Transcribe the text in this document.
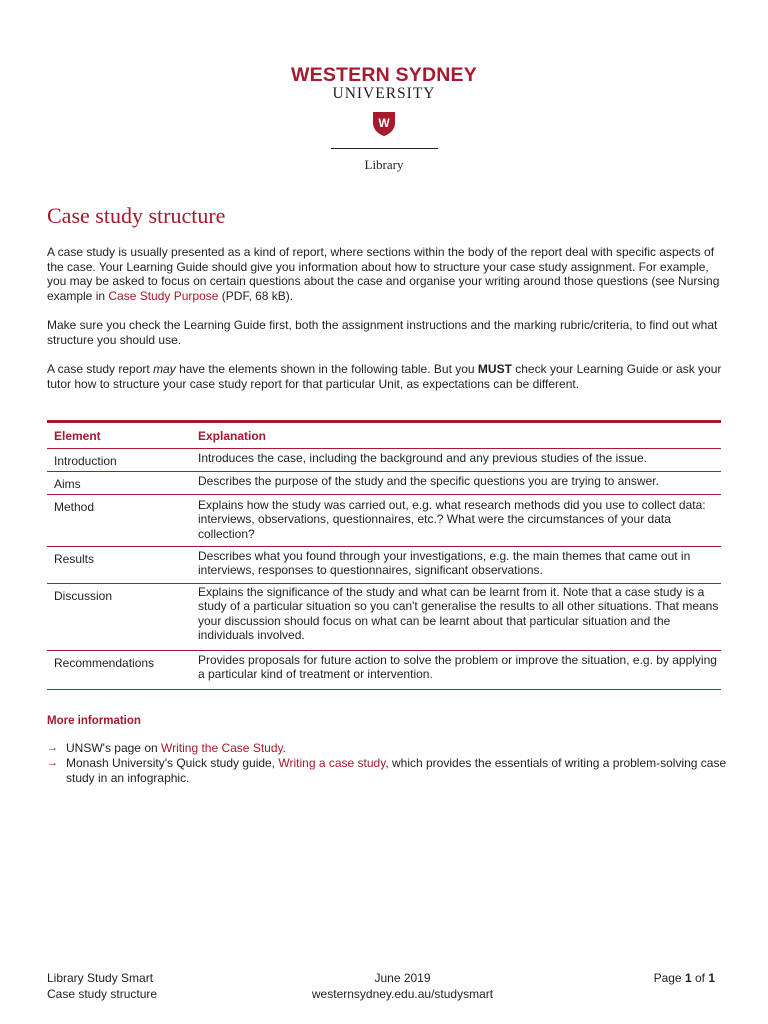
WESTERN SYDNEY
UNIVERSITY
W
Library
Case study structure

A case study is usually presented as a kind of report, where sections within the body of the report deal with specific aspects of the case. Your Learning Guide should give you information about how to structure your case study assignment. For example, you may be asked to focus on certain questions about the case and organise your writing around those questions (see Nursing example in Case Study Purpose (PDF, 68 kB).

Make sure you check the Learning Guide first, both the assignment instructions and the marking rubric/criteria, to find out what structure you should use.

A case study report may have the elements shown in the following table. But you MUST check your Learning Guide or ask your tutor how to structure your case study report for that particular Unit, as expectations can be different.

Element	Explanation
Introduction	Introduces the case, including the background and any previous studies of the issue.
Aims	Describes the purpose of the study and the specific questions you are trying to answer.
Method	Explains how the study was carried out, e.g. what research methods did you use to collect data: interviews, observations, questionnaires, etc.? What were the circumstances of your data collection?
Results	Describes what you found through your investigations, e.g. the main themes that came out in interviews, responses to questionnaires, significant observations.
Discussion	Explains the significance of the study and what can be learnt from it. Note that a case study is a study of a particular situation so you can't generalise the results to all other situations. That means your discussion should focus on what can be learnt about that particular situation and the individuals involved.
Recommendations	Provides proposals for future action to solve the problem or improve the situation, e.g. by applying a particular kind of treatment or intervention.

More information

→ UNSW's page on Writing the Case Study.
→ Monash University's Quick study guide, Writing a case study, which provides the essentials of writing a problem-solving case study in an infographic.
Library Study Smart
Case study structure
June 2019
westernsydney.edu.au/studysmart
Page 1 of 1
